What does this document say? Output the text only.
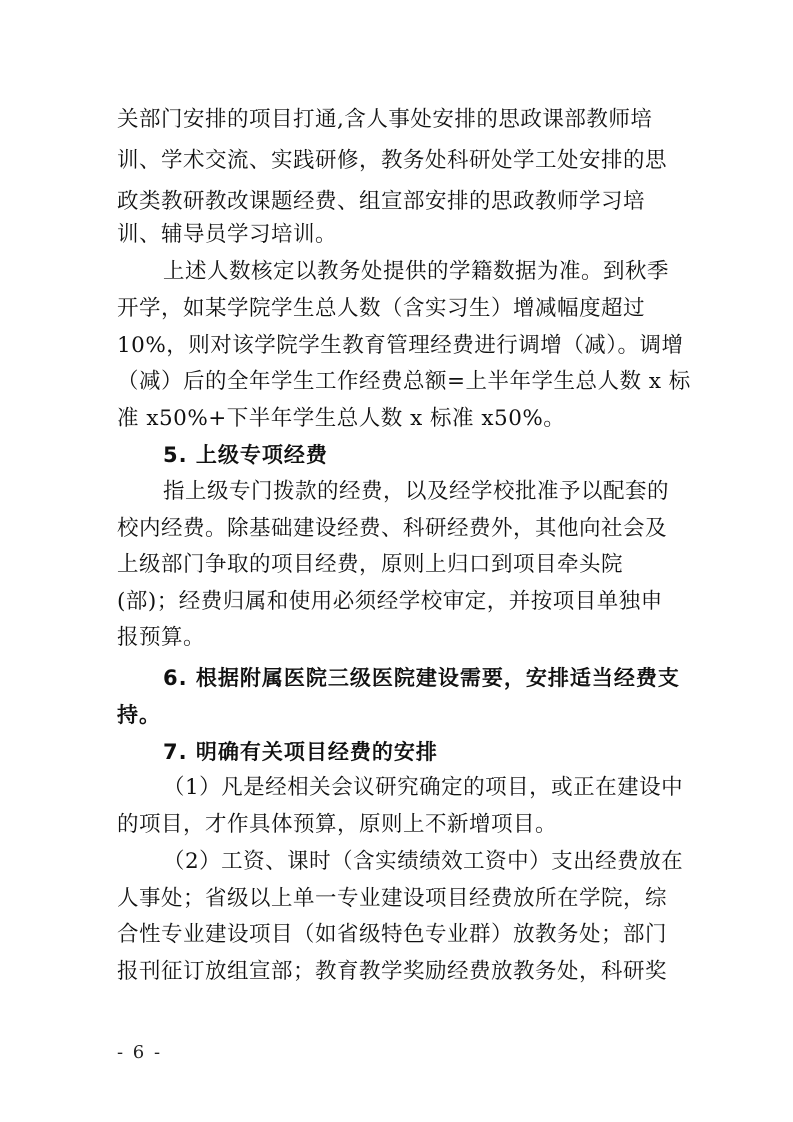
关部门安排的项目打通,含人事处安排的思政课部教师培
训、学术交流、实践研修，教务处科研处学工处安排的思
政类教研教改课题经费、组宣部安排的思政教师学习培
训、辅导员学习培训。
上述人数核定以教务处提供的学籍数据为准。到秋季
开学，如某学院学生总人数（含实习生）增减幅度超过
10%，则对该学院学生教育管理经费进行调增（减）。调增
（减）后的全年学生工作经费总额=上半年学生总人数 x 标
准 x50%+下半年学生总人数 x 标准 x50%。
5. 上级专项经费
指上级专门拨款的经费，以及经学校批准予以配套的
校内经费。除基础建设经费、科研经费外，其他向社会及
上级部门争取的项目经费，原则上归口到项目牵头院
(部)；经费归属和使用必须经学校审定，并按项目单独申
报预算。
6. 根据附属医院三级医院建设需要，安排适当经费支
持。
7. 明确有关项目经费的安排
（1）凡是经相关会议研究确定的项目，或正在建设中
的项目，才作具体预算，原则上不新增项目。
（2）工资、课时（含实绩绩效工资中）支出经费放在
人事处；省级以上单一专业建设项目经费放所在学院，综
合性专业建设项目（如省级特色专业群）放教务处；部门
报刊征订放组宣部；教育教学奖励经费放教务处，科研奖
- 6 -
